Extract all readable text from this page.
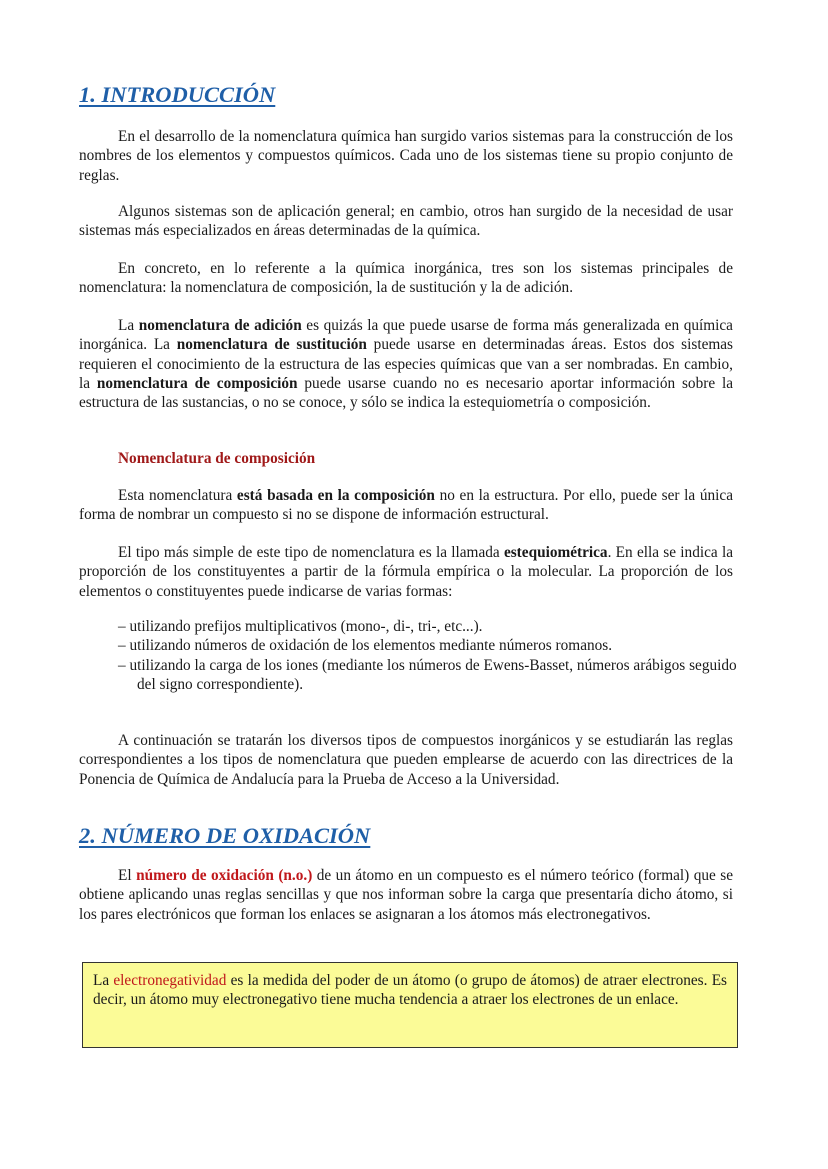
1. INTRODUCCIÓN

En el desarrollo de la nomenclatura química han surgido varios sistemas para la construcción de los nombres de los elementos y compuestos químicos. Cada uno de los sistemas tiene su propio conjunto de reglas.

Algunos sistemas son de aplicación general; en cambio, otros han surgido de la necesidad de usar sistemas más especializados en áreas determinadas de la química.

En concreto, en lo referente a la química inorgánica, tres son los sistemas principales de nomenclatura: la nomenclatura de composición, la de sustitución y la de adición.

La nomenclatura de adición es quizás la que puede usarse de forma más generalizada en química inorgánica. La nomenclatura de sustitución puede usarse en determinadas áreas. Estos dos sistemas requieren el conocimiento de la estructura de las especies químicas que van a ser nombradas. En cambio, la nomenclatura de composición puede usarse cuando no es necesario aportar información sobre la estructura de las sustancias, o no se conoce, y sólo se indica la estequiometría o composición.

Nomenclatura de composición

Esta nomenclatura está basada en la composición no en la estructura. Por ello, puede ser la única forma de nombrar un compuesto si no se dispone de información estructural.

El tipo más simple de este tipo de nomenclatura es la llamada estequiométrica. En ella se indica la proporción de los constituyentes a partir de la fórmula empírica o la molecular. La proporción de los elementos o constituyentes puede indicarse de varias formas:

– utilizando prefijos multiplicativos (mono-, di-, tri-, etc...).
– utilizando números de oxidación de los elementos mediante números romanos.
– utilizando la carga de los iones (mediante los números de Ewens-Basset, números arábigos seguido del signo correspondiente).

A continuación se tratarán los diversos tipos de compuestos inorgánicos y se estudiarán las reglas correspondientes a los tipos de nomenclatura que pueden emplearse de acuerdo con las directrices de la Ponencia de Química de Andalucía para la Prueba de Acceso a la Universidad.

2. NÚMERO DE OXIDACIÓN

El número de oxidación (n.o.) de un átomo en un compuesto es el número teórico (formal) que se obtiene aplicando unas reglas sencillas y que nos informan sobre la carga que presentaría dicho átomo, si los pares electrónicos que forman los enlaces se asignaran a los átomos más electronegativos.

La electronegatividad es la medida del poder de un átomo (o grupo de átomos) de atraer electrones. Es decir, un átomo muy electronegativo tiene mucha tendencia a atraer los electrones de un enlace.
